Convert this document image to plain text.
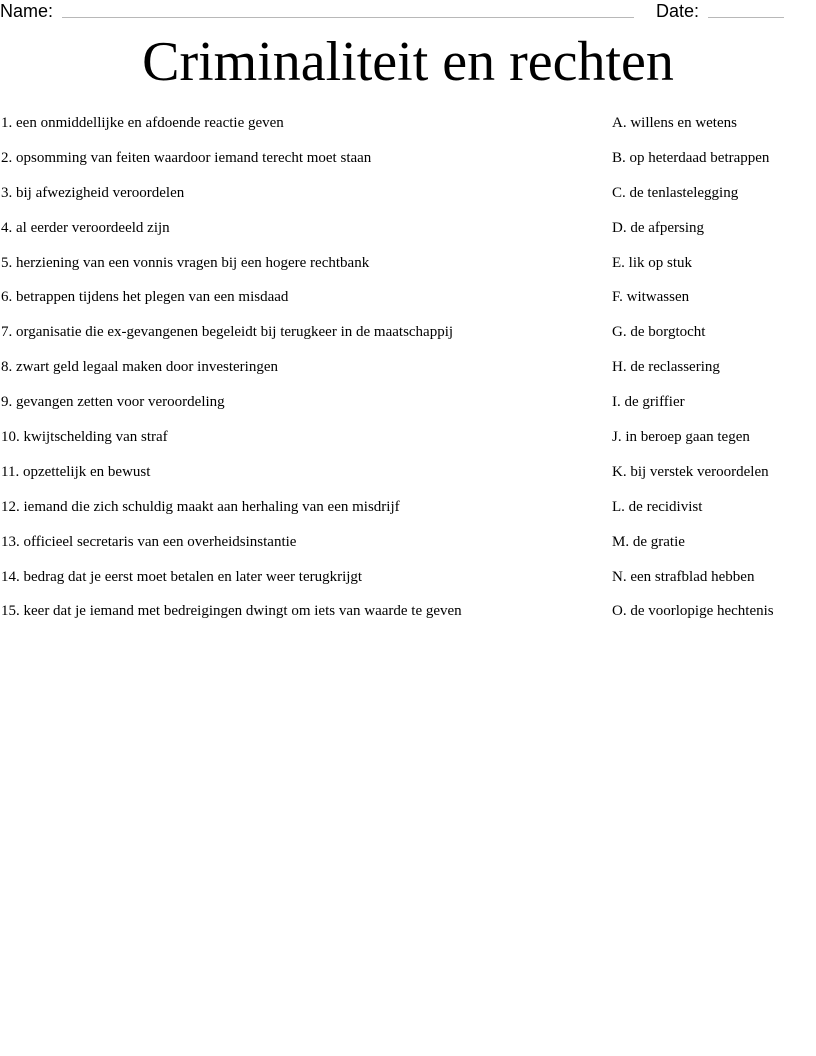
Name:	Date:
Criminaliteit en rechten
1. een onmiddellijke en afdoende reactie geven	A. willens en wetens
2. opsomming van feiten waardoor iemand terecht moet staan	B. op heterdaad betrappen
3. bij afwezigheid veroordelen	C. de tenlastelegging
4. al eerder veroordeeld zijn	D. de afpersing
5. herziening van een vonnis vragen bij een hogere rechtbank	E. lik op stuk
6. betrappen tijdens het plegen van een misdaad	F. witwassen
7. organisatie die ex-gevangenen begeleidt bij terugkeer in de maatschappij	G. de borgtocht
8. zwart geld legaal maken door investeringen	H. de reclassering
9. gevangen zetten voor veroordeling	I. de griffier
10. kwijtschelding van straf	J. in beroep gaan tegen
11. opzettelijk en bewust	K. bij verstek veroordelen
12. iemand die zich schuldig maakt aan herhaling van een misdrijf	L. de recidivist
13. officieel secretaris van een overheidsinstantie	M. de gratie
14. bedrag dat je eerst moet betalen en later weer terugkrijgt	N. een strafblad hebben
15. keer dat je iemand met bedreigingen dwingt om iets van waarde te geven	O. de voorlopige hechtenis
